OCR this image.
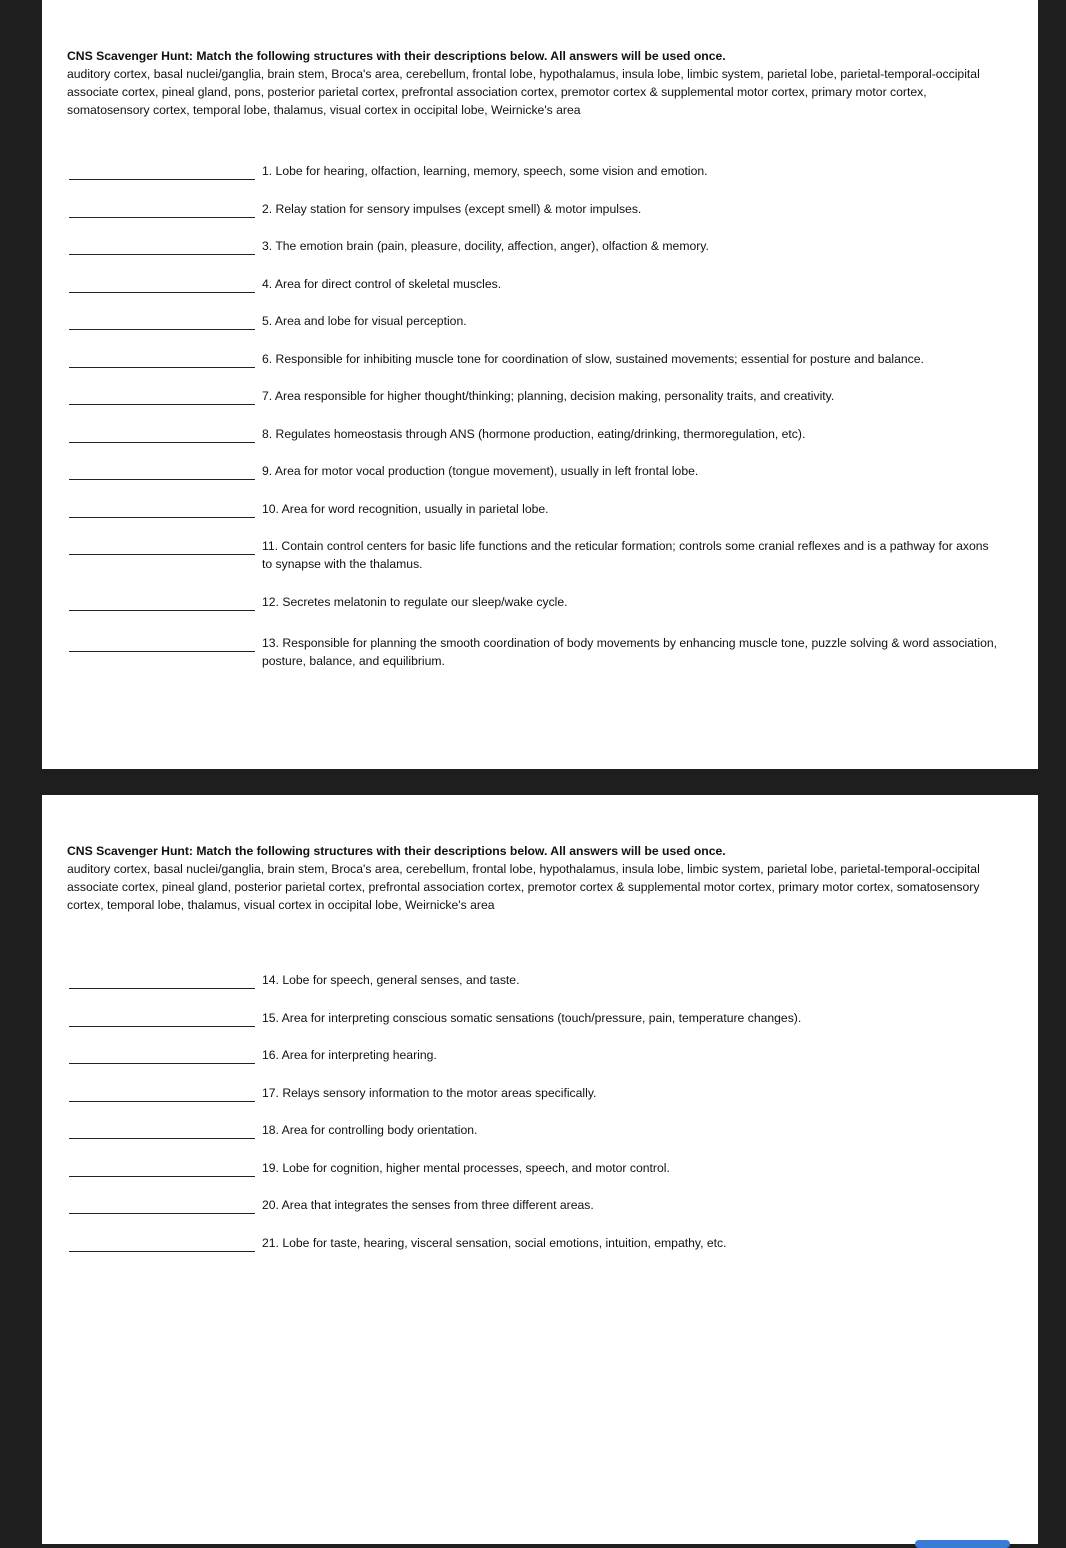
CNS Scavenger Hunt: Match the following structures with their descriptions below. All answers will be used once.
auditory cortex, basal nuclei/ganglia, brain stem, Broca's area, cerebellum, frontal lobe, hypothalamus, insula lobe, limbic system, parietal lobe, parietal-temporal-occipital associate cortex, pineal gland, pons, posterior parietal cortex, prefrontal association cortex, premotor cortex & supplemental motor cortex, primary motor cortex, somatosensory cortex, temporal lobe, thalamus, visual cortex in occipital lobe, Weirnicke's area
1. Lobe for hearing, olfaction, learning, memory, speech, some vision and emotion.
2. Relay station for sensory impulses (except smell) & motor impulses.
3. The emotion brain (pain, pleasure, docility, affection, anger), olfaction & memory.
4. Area for direct control of skeletal muscles.
5. Area and lobe for visual perception.
6. Responsible for inhibiting muscle tone for coordination of slow, sustained movements; essential for posture and balance.
7. Area responsible for higher thought/thinking; planning, decision making, personality traits, and creativity.
8. Regulates homeostasis through ANS (hormone production, eating/drinking, thermoregulation, etc).
9. Area for motor vocal production (tongue movement), usually in left frontal lobe.
10. Area for word recognition, usually in parietal lobe.
11. Contain control centers for basic life functions and the reticular formation; controls some cranial reflexes and is a pathway for axons to synapse with the thalamus.
12. Secretes melatonin to regulate our sleep/wake cycle.
13. Responsible for planning the smooth coordination of body movements by enhancing muscle tone, puzzle solving & word association, posture, balance, and equilibrium.
CNS Scavenger Hunt: Match the following structures with their descriptions below. All answers will be used once.
auditory cortex, basal nuclei/ganglia, brain stem, Broca's area, cerebellum, frontal lobe, hypothalamus, insula lobe, limbic system, parietal lobe, parietal-temporal-occipital associate cortex, pineal gland, posterior parietal cortex, prefrontal association cortex, premotor cortex & supplemental motor cortex, primary motor cortex, somatosensory cortex, temporal lobe, thalamus, visual cortex in occipital lobe, Weirnicke's area
14. Lobe for speech, general senses, and taste.
15. Area for interpreting conscious somatic sensations (touch/pressure, pain, temperature changes).
16. Area for interpreting hearing.
17. Relays sensory information to the motor areas specifically.
18. Area for controlling body orientation.
19. Lobe for cognition, higher mental processes, speech, and motor control.
20. Area that integrates the senses from three different areas.
21. Lobe for taste, hearing, visceral sensation, social emotions, intuition, empathy, etc.
